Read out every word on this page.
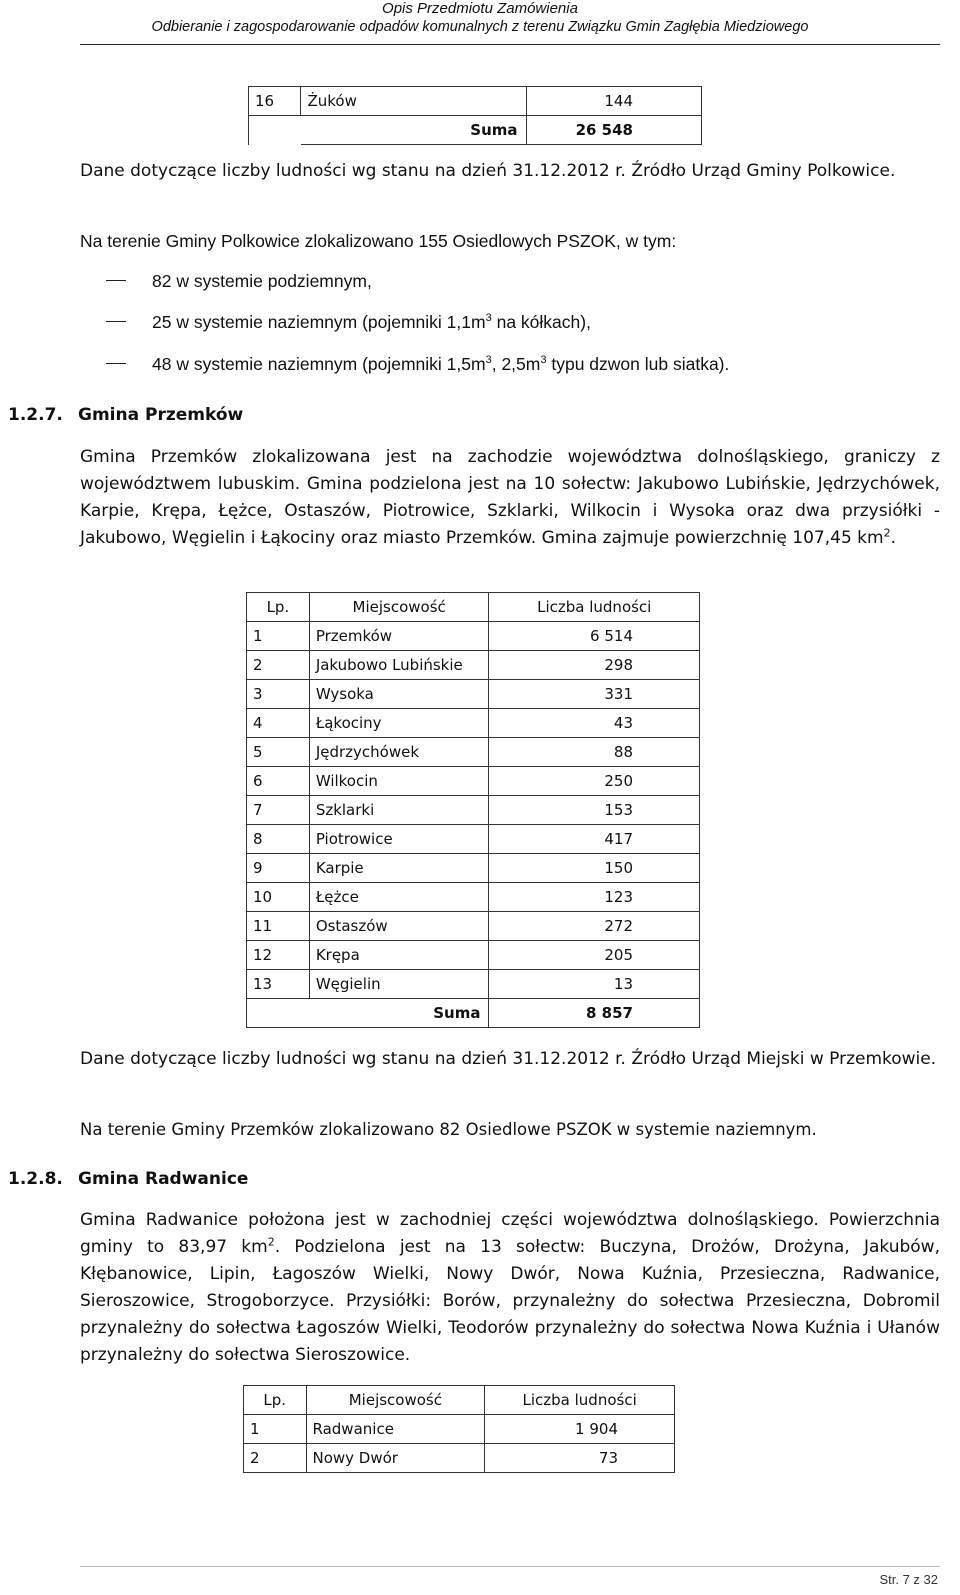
Opis Przedmiotu Zamówienia
Odbieranie i zagospodarowanie odpadów komunalnych z terenu Związku Gmin Zagłębia Miedziowego
16	Żuków	144
	Suma	26 548

Dane dotyczące liczby ludności wg stanu na dzień 31.12.2012 r. Źródło Urząd Gminy Polkowice.

Na terenie Gminy Polkowice zlokalizowano 155 Osiedlowych PSZOK, w tym:

82 w systemie podziemnym,
25 w systemie naziemnym (pojemniki $1,1m^3$ na kółkach),
48 w systemie naziemnym (pojemniki $1,5m^3$, $2,5m^3$ typu dzwon lub siatka).
1.2.7. Gmina Przemków

Gmina Przemków zlokalizowana jest na zachodzie województwa dolnośląskiego, graniczy z województwem lubuskim. Gmina podzielona jest na 10 sołectw: Jakubowo Lubińskie, Jędrzychówek, Karpie, Krępa, Łężce, Ostaszów, Piotrowice, Szklarki, Wilkocin i Wysoka oraz dwa przysiółki - Jakubowo, Węgielin i Łąkociny oraz miasto Przemków. Gmina zajmuje powierzchnię 107,45 $km^2$.

Lp.	Miejscowość	Liczba ludności
1	Przemków	6 514
2	Jakubowo Lubińskie	298
3	Wysoka	331
4	Łąkociny	43
5	Jędrzychówek	88
6	Wilkocin	250
7	Szklarki	153
8	Piotrowice	417
9	Karpie	150
10	Łężce	123
11	Ostaszów	272
12	Krępa	205
13	Węgielin	13
	Suma	8 857

Dane dotyczące liczby ludności wg stanu na dzień 31.12.2012 r. Źródło Urząd Miejski w Przemkowie.

Na terenie Gminy Przemków zlokalizowano 82 Osiedlowe PSZOK w systemie naziemnym.

1.2.8. Gmina Radwanice

Gmina Radwanice położona jest w zachodniej części województwa dolnośląskiego. Powierzchnia gminy to 83,97 $km^2$. Podzielona jest na 13 sołectw: Buczyna, Drożów, Drożyna, Jakubów, Kłębanowice, Lipin, Łagoszów Wielki, Nowy Dwór, Nowa Kuźnia, Przesieczna, Radwanice, Sieroszowice, Strogoborzyce. Przysiółki: Borów, przynależny do sołectwa Przesieczna, Dobromil przynależny do sołectwa Łagoszów Wielki, Teodorów przynależny do sołectwa Nowa Kuźnia i Ułanów przynależny do sołectwa Sieroszowice.

Lp.	Miejscowość	Liczba ludności
1	Radwanice	1 904
2	Nowy Dwór	73
Str. 7 z 32
